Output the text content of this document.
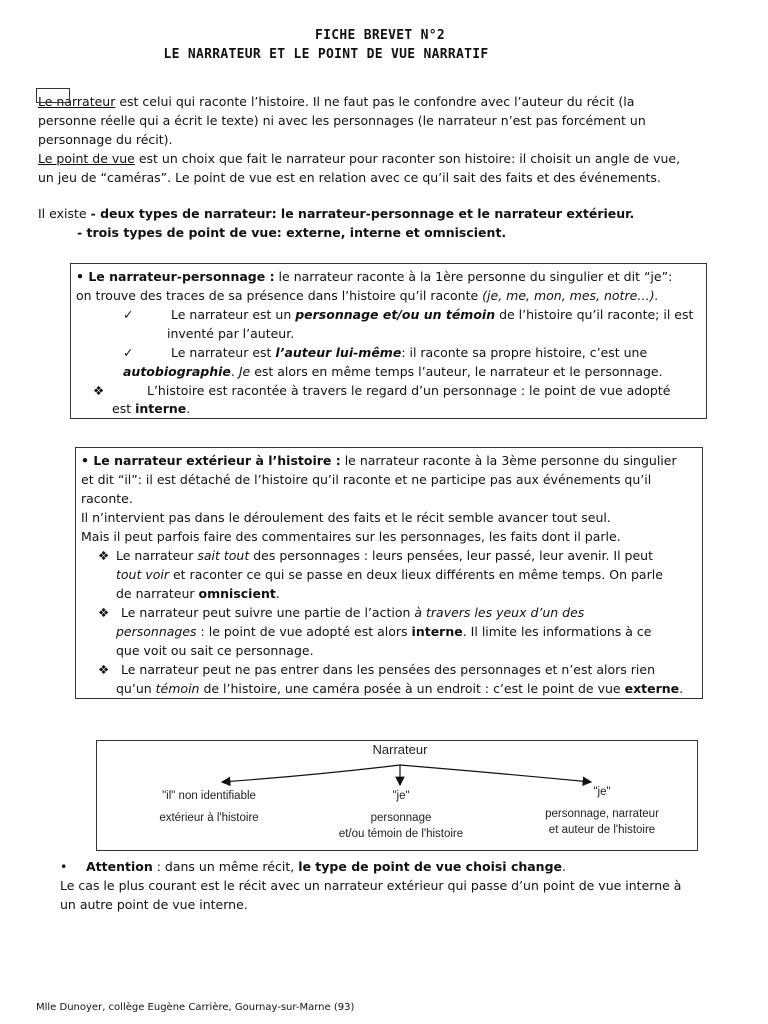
FICHE BREVET N°2
LE NARRATEUR ET LE POINT DE VUE NARRATIF
Le narrateur est celui qui raconte l’histoire. Il ne faut pas le confondre avec l’auteur du récit (la
personne réelle qui a écrit le texte) ni avec les personnages (le narrateur n’est pas forcément un
personnage du récit).
Le point de vue est un choix que fait le narrateur pour raconter son histoire: il choisit un angle de vue,
un jeu de “caméras”. Le point de vue est en relation avec ce qu’il sait des faits et des événements.
Il existe - deux types de narrateur: le narrateur-personnage et le narrateur extérieur.
- trois types de point de vue: externe, interne et omniscient.
• Le narrateur-personnage : le narrateur raconte à la 1ère personne du singulier et dit “je”:
on trouve des traces de sa présence dans l’histoire qu’il raconte (je, me, mon, mes, notre…).
✓	Le narrateur est un personnage et/ou un témoin de l’histoire qu’il raconte; il est
inventé par l’auteur.
✓	Le narrateur est l’auteur lui-même: il raconte sa propre histoire, c’est une
autobiographie. Je est alors en même temps l’auteur, le narrateur et le personnage.
❖	L’histoire est racontée à travers le regard d’un personnage : le point de vue adopté
est interne.
• Le narrateur extérieur à l’histoire : le narrateur raconte à la 3ème personne du singulier
et dit “il”: il est détaché de l’histoire qu’il raconte et ne participe pas aux événements qu’il
raconte.
Il n’intervient pas dans le déroulement des faits et le récit semble avancer tout seul.
Mais il peut parfois faire des commentaires sur les personnages, les faits dont il parle.
❖ Le narrateur sait tout des personnages : leurs pensées, leur passé, leur avenir. Il peut
tout voir et raconter ce qui se passe en deux lieux différents en même temps. On parle
de narrateur omniscient.
❖ Le narrateur peut suivre une partie de l’action à travers les yeux d’un des
personnages : le point de vue adopté est alors interne. Il limite les informations à ce
que voit ou sait ce personnage.
❖ Le narrateur peut ne pas entrer dans les pensées des personnages et n’est alors rien
qu’un témoin de l’histoire, une caméra posée à un endroit : c’est le point de vue externe.
Narrateur
"il" non identifiable
extérieur à l'histoire
"je"
personnage
et/ou témoin de l'histoire
"je"
personnage, narrateur
et auteur de l'histoire
• Attention : dans un même récit, le type de point de vue choisi change.
Le cas le plus courant est le récit avec un narrateur extérieur qui passe d’un point de vue interne à
un autre point de vue interne.
Mlle Dunoyer, collège Eugène Carrière, Gournay-sur-Marne (93)
